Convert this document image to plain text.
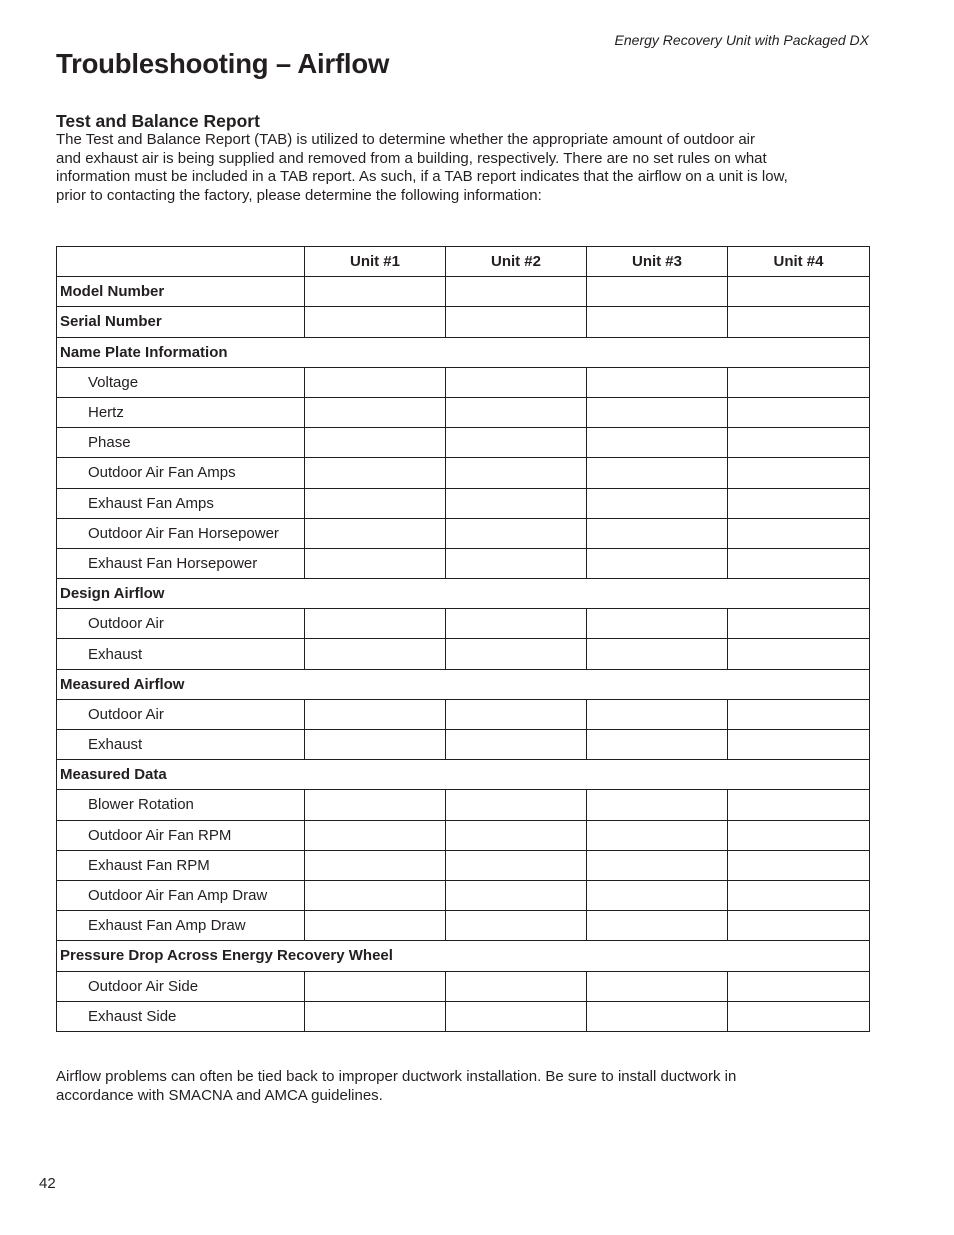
Energy Recovery Unit with Packaged DX
Troubleshooting – Airflow
Test and Balance Report

The Test and Balance Report (TAB) is utilized to determine whether the appropriate amount of outdoor air
and exhaust air is being supplied and removed from a building, respectively. There are no set rules on what
information must be included in a TAB report. As such, if a TAB report indicates that the airflow on a unit is low,
prior to contacting the factory, please determine the following information:

	Unit #1	Unit #2	Unit #3	Unit #4
Model Number				
Serial Number				
Name Plate Information				
Voltage				
Hertz				
Phase				
Outdoor Air Fan Amps				
Exhaust Fan Amps				
Outdoor Air Fan Horsepower				
Exhaust Fan Horsepower				
Design Airflow				
Outdoor Air				
Exhaust				
Measured Airflow				
Outdoor Air				
Exhaust				
Measured Data				
Blower Rotation				
Outdoor Air Fan RPM				
Exhaust Fan RPM				
Outdoor Air Fan Amp Draw				
Exhaust Fan Amp Draw				
Pressure Drop Across Energy Recovery Wheel				
Outdoor Air Side				
Exhaust Side				

Airflow problems can often be tied back to improper ductwork installation. Be sure to install ductwork in
accordance with SMACNA and AMCA guidelines.

42
